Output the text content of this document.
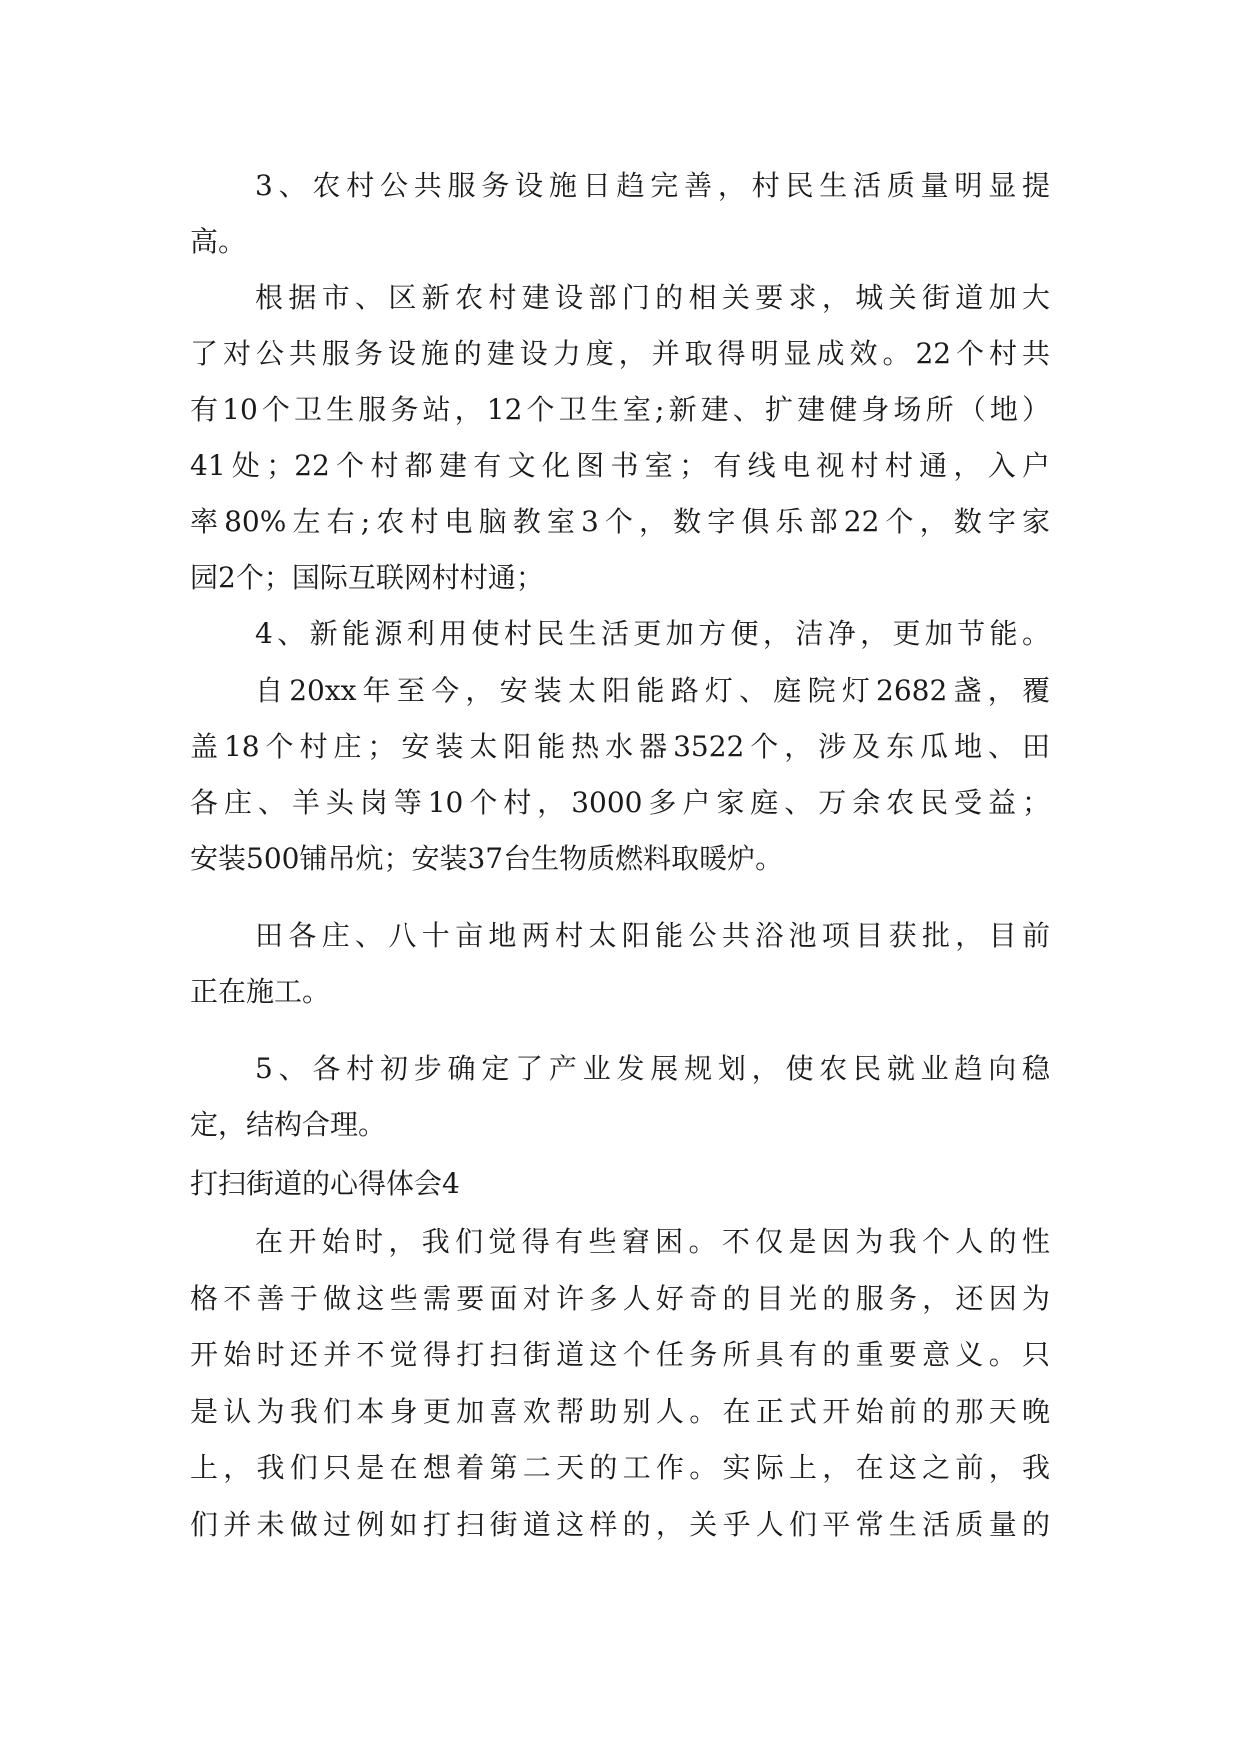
3、农村公共服务设施日趋完善，村民生活质量明显提
高。
根据市、区新农村建设部门的相关要求，城关街道加大
了对公共服务设施的建设力度，并取得明显成效。22个村共
有10个卫生服务站，12个卫生室;新建、扩建健身场所（地）
41处；22个村都建有文化图书室；有线电视村村通，入户
率80%左右;农村电脑教室3个，数字俱乐部22个，数字家
园2个；国际互联网村村通；
4、新能源利用使村民生活更加方便，洁净，更加节能。
自20xx年至今，安装太阳能路灯、庭院灯2682盏，覆
盖18个村庄；安装太阳能热水器3522个，涉及东瓜地、田
各庄、羊头岗等10个村，3000多户家庭、万余农民受益；
安装500铺吊炕；安装37台生物质燃料取暖炉。
田各庄、八十亩地两村太阳能公共浴池项目获批，目前
正在施工。
5、各村初步确定了产业发展规划，使农民就业趋向稳
定，结构合理。
打扫街道的心得体会4
在开始时，我们觉得有些窘困。不仅是因为我个人的性
格不善于做这些需要面对许多人好奇的目光的服务，还因为
开始时还并不觉得打扫街道这个任务所具有的重要意义。只
是认为我们本身更加喜欢帮助别人。在正式开始前的那天晚
上，我们只是在想着第二天的工作。实际上，在这之前，我
们并未做过例如打扫街道这样的，关乎人们平常生活质量的
